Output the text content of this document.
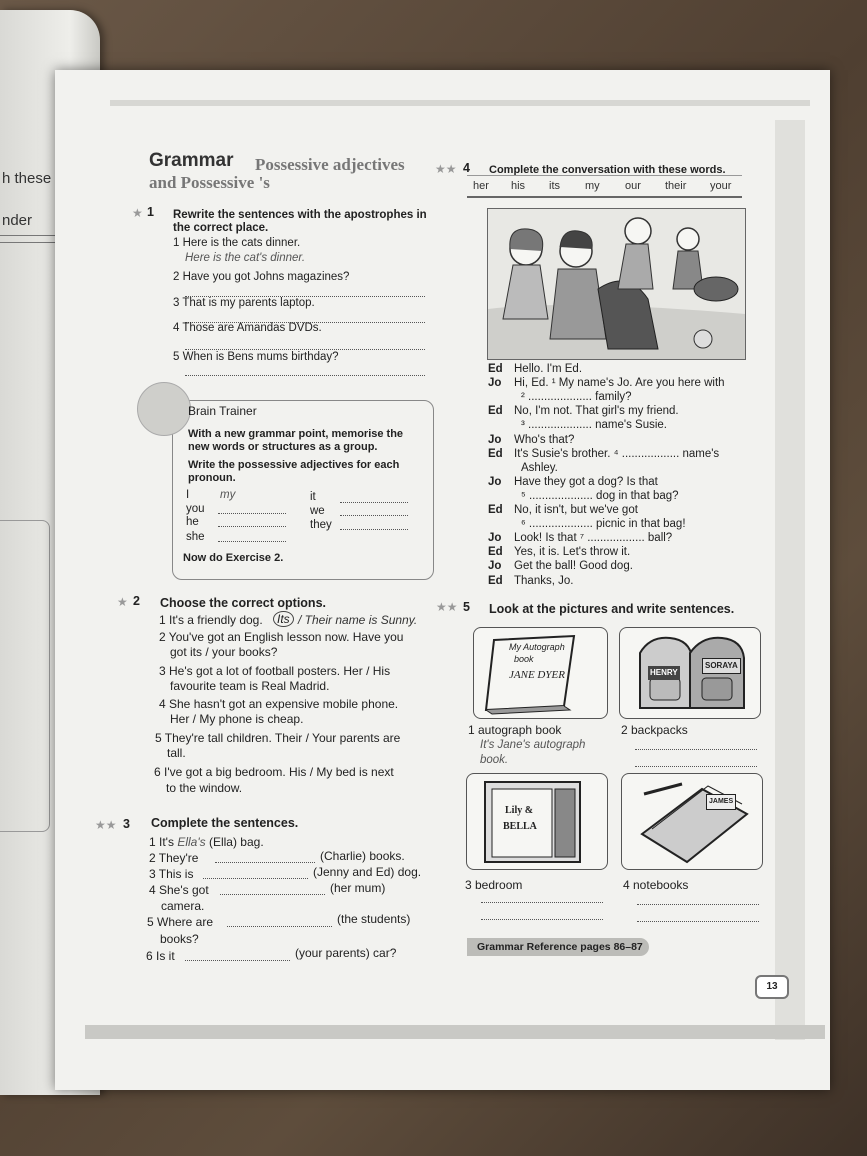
h these
nder
Grammar Possessive adjectives
and Possessive 's
★ 1 Rewrite the sentences with the apostrophes in
the correct place.
1 Here is the cats dinner.
Here is the cat's dinner.
2 Have you got Johns magazines?
3 That is my parents laptop.
4 Those are Amandas DVDs.
5 When is Bens mums birthday?
Brain Trainer
With a new grammar point, memorise the
new words or structures as a group.
Write the possessive adjectives for each
pronoun.
I	my	it
you	we
he	they
she
Now do Exercise 2.
★ 2 Choose the correct options.
1 It's a friendly dog.	Its / Their name is Sunny.
2 You've got an English lesson now. Have you
got its / your books?
3 He's got a lot of football posters. Her / His
favourite team is Real Madrid.
4 She hasn't got an expensive mobile phone.
Her / My phone is cheap.
5 They're tall children. Their / Your parents are
tall.
6 I've got a big bedroom. His / My bed is next
to the window.
★★ 3 Complete the sentences.
1 It's Ella's (Ella) bag.
2 They're	(Charlie) books.
3 This is	(Jenny and Ed) dog.
4 She's got	(her mum)
camera.
5 Where are	(the students)
books?
6 Is it	(your parents) car?
★★ 4 Complete the conversation with these words.
her his its my our their your
Ed Hello. I'm Ed.
Jo Hi, Ed. ¹ My name's Jo. Are you here with
² .................... family?
Ed No, I'm not. That girl's my friend.
³ .................... name's Susie.
Jo Who's that?
Ed It's Susie's brother. ⁴ .................. name's
Ashley.
Jo Have they got a dog? Is that
⁵ .................... dog in that bag?
Ed No, it isn't, but we've got
⁶ .................... picnic in that bag!
Jo Look! Is that ⁷ .................. ball?
Ed Yes, it is. Let's throw it.
Jo Get the ball! Good dog.
Ed Thanks, Jo.
★★ 5 Look at the pictures and write sentences.
My Autograph
book
JANE DYER	HENRY
SORAYA
1 autograph book
It's Jane's autograph
book.
2 backpacks
Lily &
BELLA
JAMES
3 bedroom	4 notebooks
Grammar Reference pages 86–87
13
